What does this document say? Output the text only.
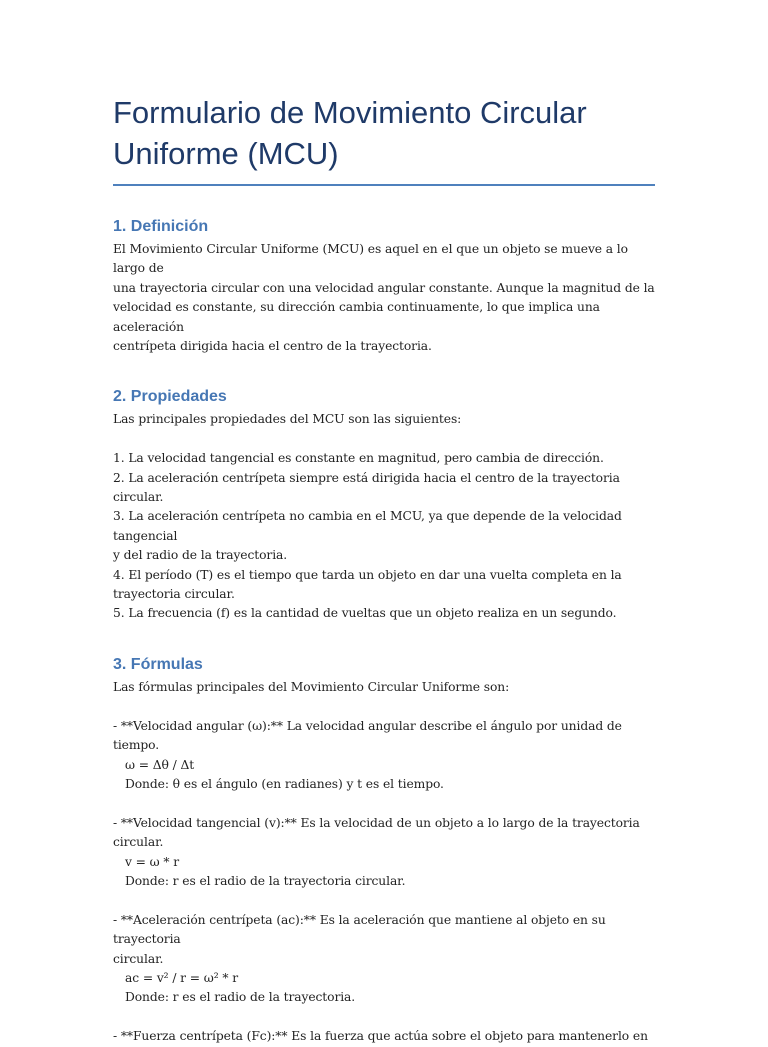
Formulario de Movimiento Circular
Uniforme (MCU)
1. Definición

El Movimiento Circular Uniforme (MCU) es aquel en el que un objeto se mueve a lo largo de
una trayectoria circular con una velocidad angular constante. Aunque la magnitud de la
velocidad es constante, su dirección cambia continuamente, lo que implica una aceleración
centrípeta dirigida hacia el centro de la trayectoria.

2. Propiedades

Las principales propiedades del MCU son las siguientes:

1. La velocidad tangencial es constante en magnitud, pero cambia de dirección.
2. La aceleración centrípeta siempre está dirigida hacia el centro de la trayectoria circular.
3. La aceleración centrípeta no cambia en el MCU, ya que depende de la velocidad tangencial
y del radio de la trayectoria.
4. El período (T) es el tiempo que tarda un objeto en dar una vuelta completa en la
trayectoria circular.
5. La frecuencia (f) es la cantidad de vueltas que un objeto realiza en un segundo.

3. Fórmulas

Las fórmulas principales del Movimiento Circular Uniforme son:

- **Velocidad angular (ω):** La velocidad angular describe el ángulo por unidad de tiempo.

ω = Δθ / Δt

Donde: θ es el ángulo (en radianes) y t es el tiempo.

- **Velocidad tangencial (v):** Es la velocidad de un objeto a lo largo de la trayectoria
circular.

v = ω * r

Donde: r es el radio de la trayectoria circular.

- **Aceleración centrípeta (ac):** Es la aceleración que mantiene al objeto en su trayectoria
circular.

ac = v² / r = ω² * r

Donde: r es el radio de la trayectoria.

- **Fuerza centrípeta (Fc):** Es la fuerza que actúa sobre el objeto para mantenerlo en
